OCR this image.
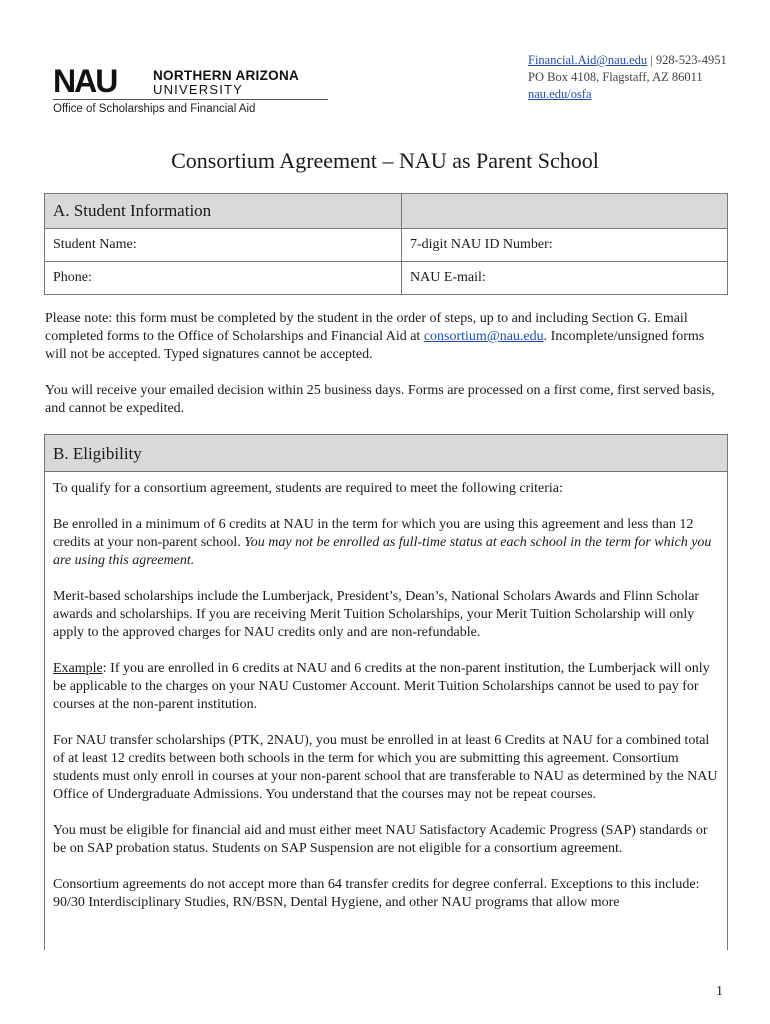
Financial.Aid@nau.edu | 928-523-4951
PO Box 4108, Flagstaff, AZ 86011
nau.edu/osfa
NAU	NORTHERN ARIZONA
UNIVERSITY
Office of Scholarships and Financial Aid
Consortium Agreement – NAU as Parent School
A. Student Information	
Student Name:	7-digit NAU ID Number:
Phone:	NAU E-mail:
Please note: this form must be completed by the student in the order of steps, up to and including Section G. Email completed forms to the Office of Scholarships and Financial Aid at consortium@nau.edu. Incomplete/unsigned forms will not be accepted. Typed signatures cannot be accepted.
You will receive your emailed decision within 25 business days. Forms are processed on a first come, first served basis, and cannot be expedited.
B. Eligibility

To qualify for a consortium agreement, students are required to meet the following criteria:

Be enrolled in a minimum of 6 credits at NAU in the term for which you are using this agreement and less than 12 credits at your non-parent school. You may not be enrolled as full-time status at each school in the term for which you are using this agreement.

Merit-based scholarships include the Lumberjack, President’s, Dean’s, National Scholars Awards and Flinn Scholar awards and scholarships. If you are receiving Merit Tuition Scholarships, your Merit Tuition Scholarship will only apply to the approved charges for NAU credits only and are non-refundable.

Example: If you are enrolled in 6 credits at NAU and 6 credits at the non-parent institution, the Lumberjack will only be applicable to the charges on your NAU Customer Account. Merit Tuition Scholarships cannot be used to pay for courses at the non-parent institution.

For NAU transfer scholarships (PTK, 2NAU), you must be enrolled in at least 6 Credits at NAU for a combined total of at least 12 credits between both schools in the term for which you are submitting this agreement. Consortium students must only enroll in courses at your non-parent school that are transferable to NAU as determined by the NAU Office of Undergraduate Admissions. You understand that the courses may not be repeat courses.

You must be eligible for financial aid and must either meet NAU Satisfactory Academic Progress (SAP) standards or be on SAP probation status. Students on SAP Suspension are not eligible for a consortium agreement.

Consortium agreements do not accept more than 64 transfer credits for degree conferral. Exceptions to this include: 90/30 Interdisciplinary Studies, RN/BSN, Dental Hygiene, and other NAU programs that allow more

1
